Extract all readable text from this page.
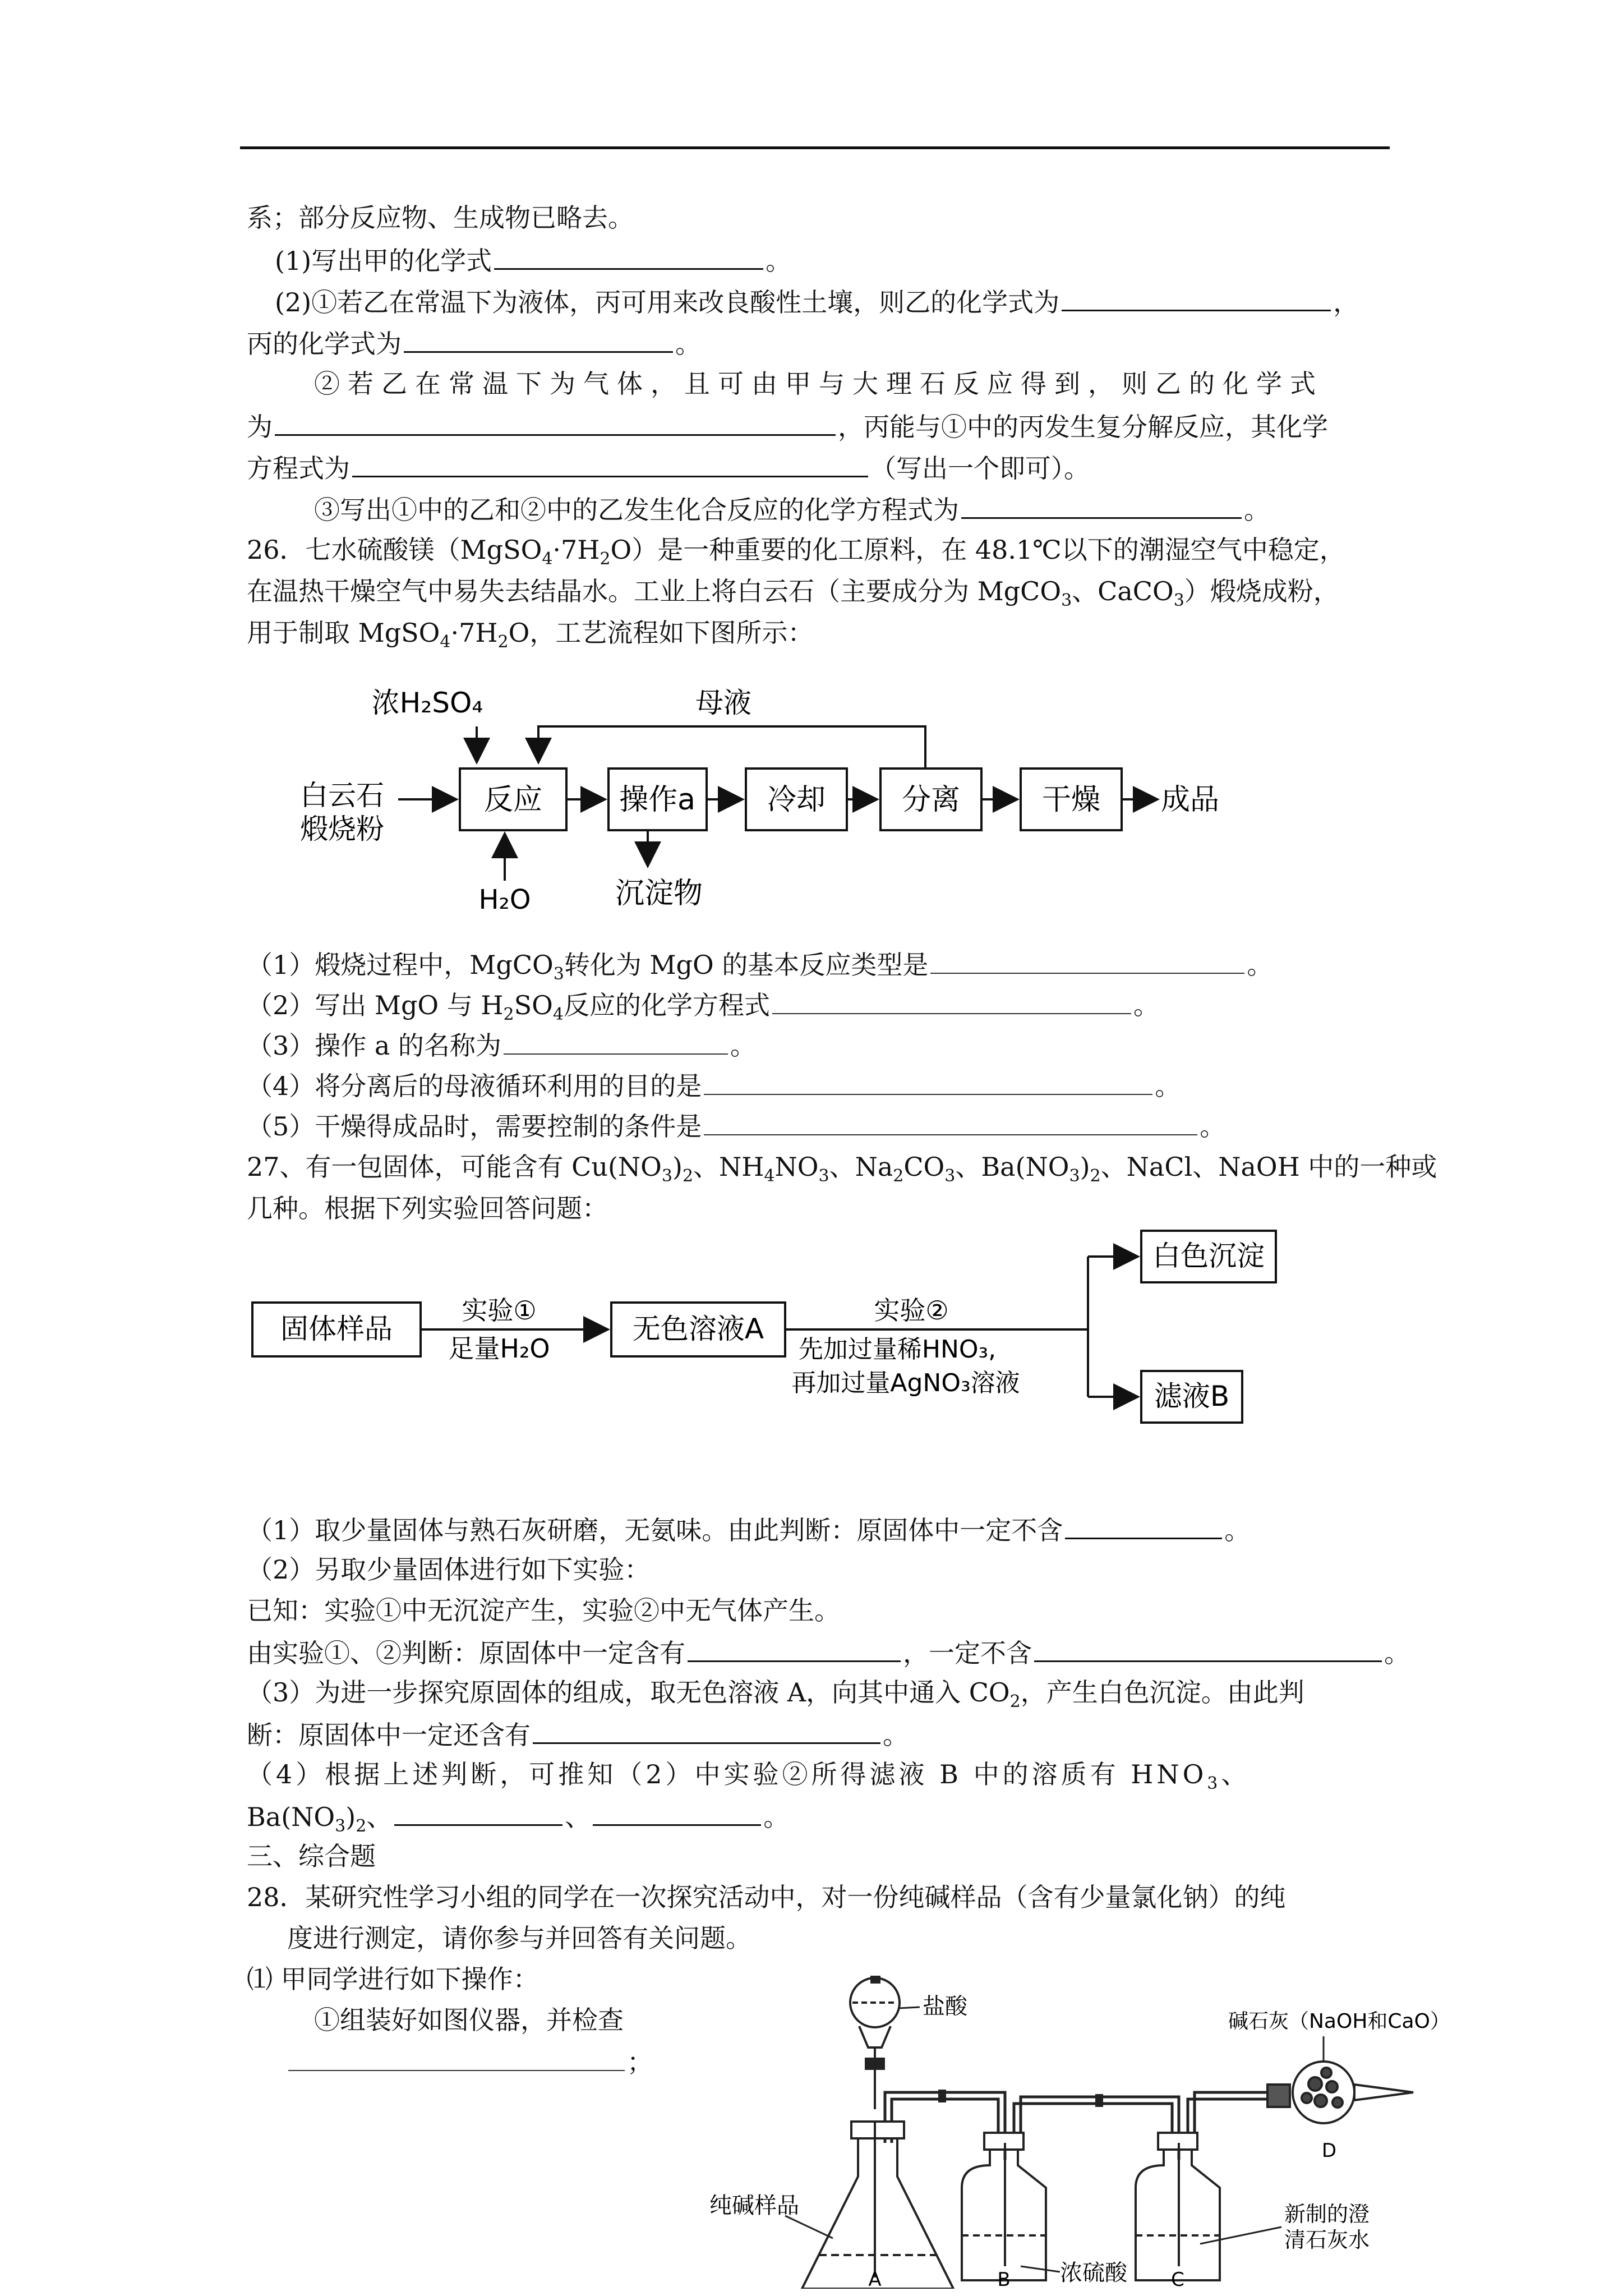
系；部分反应物、生成物已略去。
(1)写出甲的化学式	。
(2)①若乙在常温下为液体，丙可用来改良酸性土壤，则乙的化学式为	，
丙的化学式为	。
②若乙在常温下为气体，且可由甲与大理石反应得到，则乙的化学式
为	，丙能与①中的丙发生复分解反应，其化学
方程式为	（写出一个即可）。
③写出①中的乙和②中的乙发生化合反应的化学方程式为	。
26．七水硫酸镁$(MgSO_4\cdot 7H_2O)$是一种重要的化工原料，在 48.1℃以下的潮湿空气中稳定，
在温热干燥空气中易失去结晶水。工业上将白云石（主要成分为 MgCO$_3$、CaCO$_3$）煅烧成粉，
用于制取 $MgSO_4\cdot 7H_2O$，工艺流程如下图所示：
浓H₂SO₄	母液
白云石
煅烧粉
反应	操作a 冷却	分离	干燥 成品
H₂O	沉淀物
（1）煅烧过程中，MgCO$_3$转化为 MgO 的基本反应类型是	。
（2）写出 MgO 与 $H_2SO_4$反应的化学方程式	。
（3）操作 a 的名称为	。
（4）将分离后的母液循环利用的目的是	。
（5）干燥得成品时，需要控制的条件是	。
27、有一包固体，可能含有 $Cu(NO_3)_2$、$NH_4NO_3$、$Na_2CO_3$、$Ba(NO_3)_2$、NaCl、NaOH 中的一种或
几种。根据下列实验回答问题：
固体样品
实验①
足量H₂O
无色溶液A
实验②
先加过量稀HNO₃,
再加过量AgNO₃溶液
白色沉淀
滤液B
（1）取少量固体与熟石灰研磨，无氨味。由此判断：原固体中一定不含	。
（2）另取少量固体进行如下实验：
已知：实验①中无沉淀产生，实验②中无气体产生。
由实验①、②判断：原固体中一定含有	，一定不含	。
（3）为进一步探究原固体的组成，取无色溶液 A，向其中通入 $CO_2$，产生白色沉淀。由此判
断：原固体中一定还含有	。
（4）根据上述判断，可推知（2）中实验②所得滤液 B 中的溶质有 $HNO_3$、
$Ba(NO_3)_2$、	、	。
三、综合题
28．某研究性学习小组的同学在一次探究活动中，对一份纯碱样品（含有少量氯化钠）的纯
度进行测定，请你参与并回答有关问题。
⑴ 甲同学进行如下操作：
①组装好如图仪器，并检查
；
盐酸
纯碱样品
浓硫酸
新制的澄
清石灰水
碱石灰（NaOH和CaO）
A	B	C
D
